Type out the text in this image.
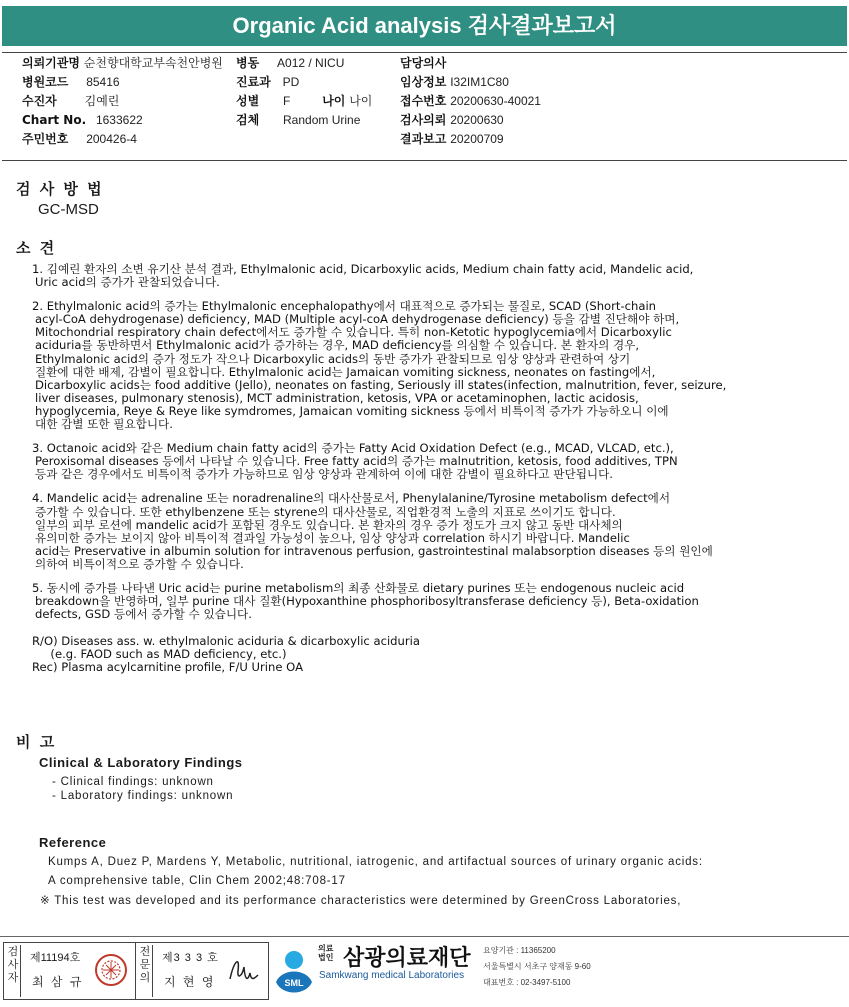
Organic Acid analysis 검사결과보고서
의뢰기관명 순천향대학교부속천안병원
병원코드 85416
수진자 김예린
Chart No. 1633622
주민번호 200426-4
병동 A012 / NICU
진료과 PD
성별 F	나이 나이
검체 Random Urine
담당의사
임상정보 I32IM1C80
접수번호 20200630-40021
검사의뢰 20200630
결과보고 20200709
검 사 방 법
GC-MSD
소 견
1. 김예린 환자의 소변 유기산 분석 결과, Ethylmalonic acid, Dicarboxylic acids, Medium chain fatty acid, Mandelic acid,
Uric acid의 증가가 관찰되었습니다.
2. Ethylmalonic acid의 증가는 Ethylmalonic encephalopathy에서 대표적으로 증가되는 물질로, SCAD (Short-chain
acyl-CoA dehydrogenase) deficiency, MAD (Multiple acyl-coA dehydrogenase deficiency) 등을 감별 진단해야 하며,
Mitochondrial respiratory chain defect에서도 증가할 수 있습니다. 특히 non-Ketotic hypoglycemia에서 Dicarboxylic
aciduria를 동반하면서 Ethylmalonic acid가 증가하는 경우, MAD deficiency를 의심할 수 있습니다. 본 환자의 경우,
Ethylmalonic acid의 증가 정도가 작으나 Dicarboxylic acids의 동반 증가가 관찰되므로 임상 양상과 관련하여 상기
질환에 대한 배제, 감별이 필요합니다. Ethylmalonic acid는 Jamaican vomiting sickness, neonates on fasting에서,
Dicarboxylic acids는 food additive (Jello), neonates on fasting, Seriously ill states(infection, malnutrition, fever, seizure,
liver diseases, pulmonary stenosis), MCT administration, ketosis, VPA or acetaminophen, lactic acidosis,
hypoglycemia, Reye & Reye like symdromes, Jamaican vomiting sickness 등에서 비특이적 증가가 가능하오니 이에
대한 감별 또한 필요합니다.
3. Octanoic acid와 같은 Medium chain fatty acid의 증가는 Fatty Acid Oxidation Defect (e.g., MCAD, VLCAD, etc.),
Peroxisomal diseases 등에서 나타날 수 있습니다. Free fatty acid의 증가는 malnutrition, ketosis, food additives, TPN
등과 같은 경우에서도 비특이적 증가가 가능하므로 임상 양상과 관계하여 이에 대한 감별이 필요하다고 판단됩니다.
4. Mandelic acid는 adrenaline 또는 noradrenaline의 대사산물로서, Phenylalanine/Tyrosine metabolism defect에서
증가할 수 있습니다. 또한 ethylbenzene 또는 styrene의 대사산물로, 직업환경적 노출의 지표로 쓰이기도 합니다.
일부의 피부 로션에 mandelic acid가 포함된 경우도 있습니다. 본 환자의 경우 증가 정도가 크지 않고 동반 대사체의
유의미한 증가는 보이지 않아 비특이적 결과일 가능성이 높으나, 임상 양상과 correlation 하시기 바랍니다. Mandelic
acid는 Preservative in albumin solution for intravenous perfusion, gastrointestinal malabsorption diseases 등의 원인에
의하여 비특이적으로 증가할 수 있습니다.
5. 동시에 증가를 나타낸 Uric acid는 purine metabolism의 최종 산화물로 dietary purines 또는 endogenous nucleic acid
breakdown을 반영하며, 일부 purine 대사 질환(Hypoxanthine phosphoribosyltransferase deficiency 등), Beta-oxidation
defects, GSD 등에서 증가할 수 있습니다.
R/O) Diseases ass. w. ethylmalonic aciduria & dicarboxylic aciduria
(e.g. FAOD such as MAD deficiency, etc.)
Rec) Plasma acylcarnitine profile, F/U Urine OA
비 고
Clinical & Laboratory Findings
- Clinical findings: unknown
- Laboratory findings: unknown
Reference
Kumps A, Duez P, Mardens Y, Metabolic, nutritional, iatrogenic, and artifactual sources of urinary organic acids:
A comprehensive table, Clin Chem 2002;48:708-17
※ This test was developed and its performance characteristics were determined by GreenCross Laboratories,
검사자
제11194호
최 삼 규
전문의
제3 3 3 호
지 현 영	SML
의료법인 삼광의료재단
Samkwang medical Laboratories
요양기관 : 11365200
서울특별시 서초구 양재동 9-60
대표번호 : 02-3497-5100
